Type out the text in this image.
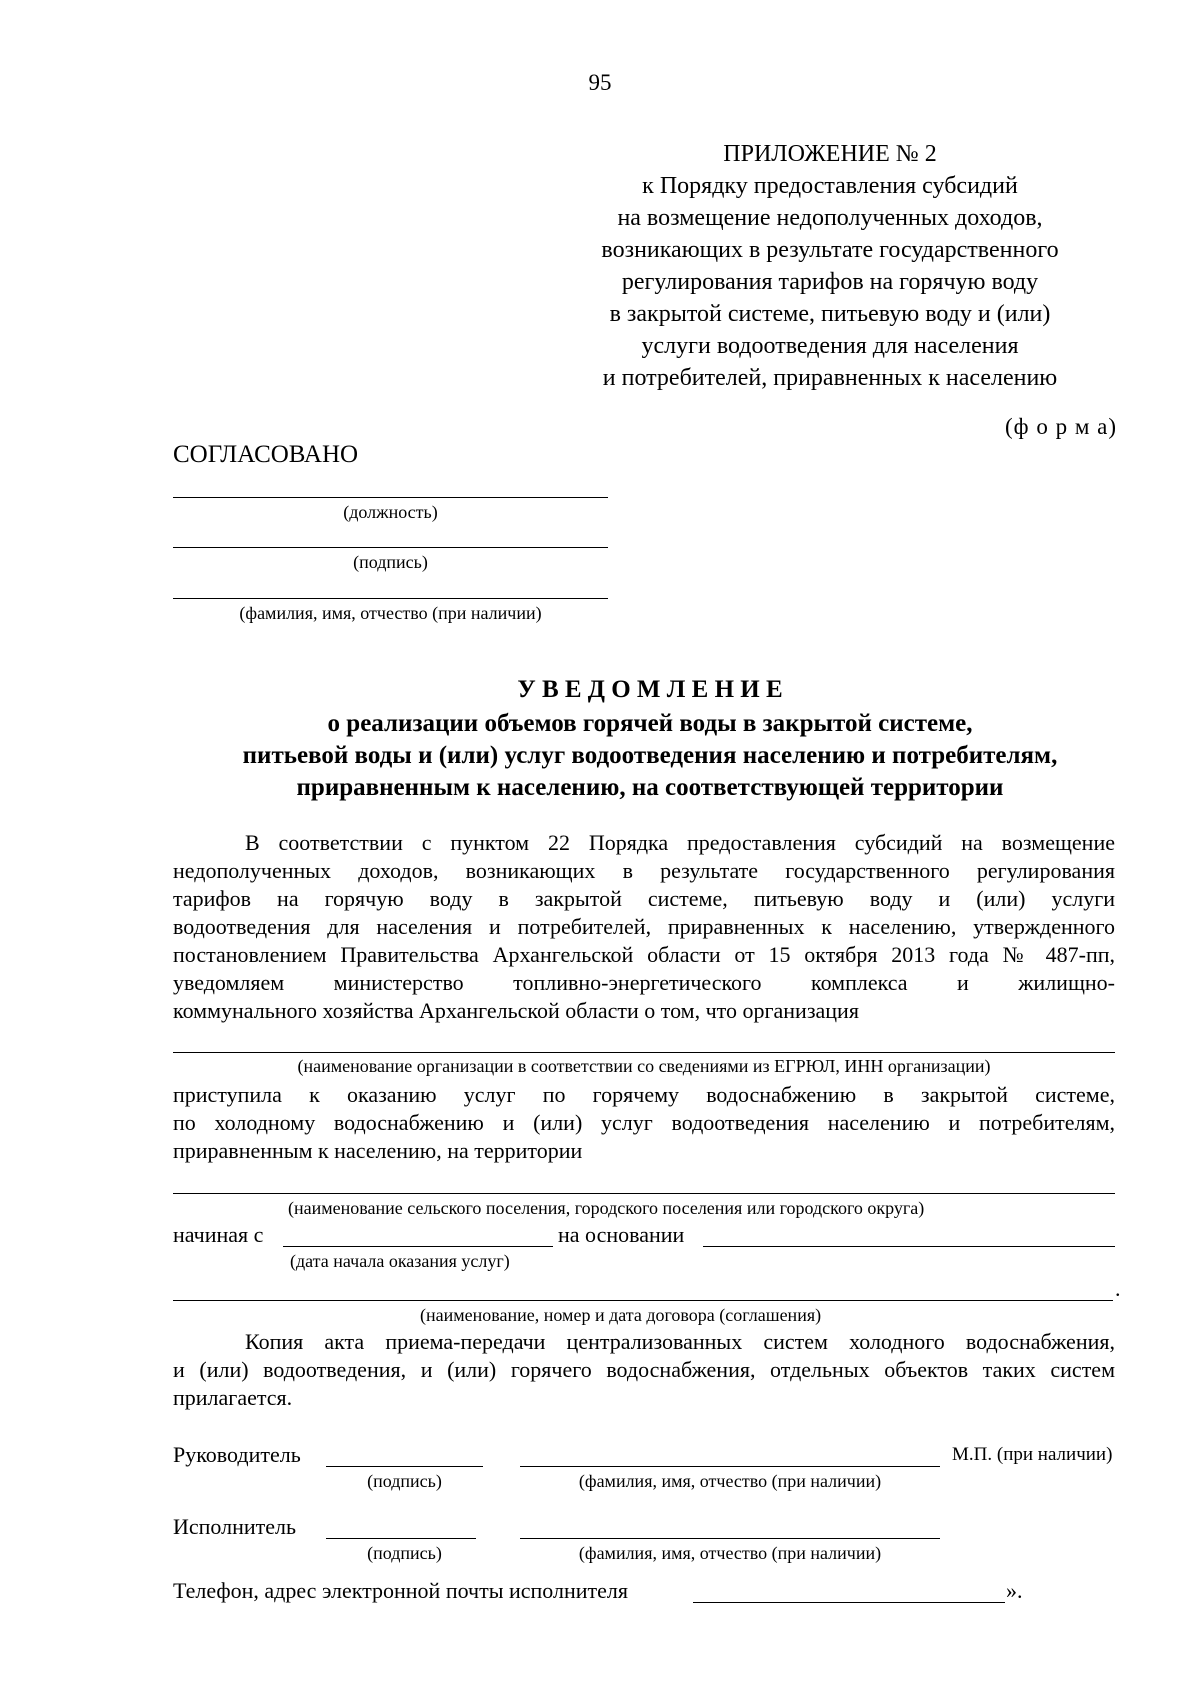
95
ПРИЛОЖЕНИЕ № 2
к Порядку предоставления субсидий
на возмещение недополученных доходов,
возникающих в результате государственного
регулирования тарифов на горячую воду
в закрытой системе, питьевую воду и (или)
услуги водоотведения для населения
и потребителей, приравненных к населению
(ф о р м а)
СОГЛАСОВАНО
(должность)
(подпись)
(фамилия, имя, отчество (при наличии)
У В Е Д О М Л Е Н И Е
о реализации объемов горячей воды в закрытой системе,
питьевой воды и (или) услуг водоотведения населению и потребителям,
приравненным к населению, на соответствующей территории
В соответствии с пунктом 22 Порядка предоставления субсидий на возмещение
недополученных доходов, возникающих в результате государственного регулирования
тарифов на горячую воду в закрытой системе, питьевую воду и (или) услуги
водоотведения для населения и потребителей, приравненных к населению, утвержденного
постановлением Правительства Архангельской области от 15 октября 2013 года № 487-пп,
уведомляем министерство топливно-энергетического комплекса и жилищно-
коммунального хозяйства Архангельской области о том, что организация
(наименование организации в соответствии со сведениями из ЕГРЮЛ, ИНН организации)
приступила к оказанию услуг по горячему водоснабжению в закрытой системе,
по холодному водоснабжению и (или) услуг водоотведения населению и потребителям,
приравненным к населению, на территории
(наименование сельского поселения, городского поселения или городского округа)
начиная с	на основании
(дата начала оказания услуг)
.
(наименование, номер и дата договора (соглашения)
Копия акта приема-передачи централизованных систем холодного водоснабжения,
и (или) водоотведения, и (или) горячего водоснабжения, отдельных объектов таких систем
прилагается.
Руководитель	М.П. (при наличии)
(подпись)	(фамилия, имя, отчество (при наличии)
Исполнитель
(подпись)	(фамилия, имя, отчество (при наличии)
Телефон, адрес электронной почты исполнителя	».
